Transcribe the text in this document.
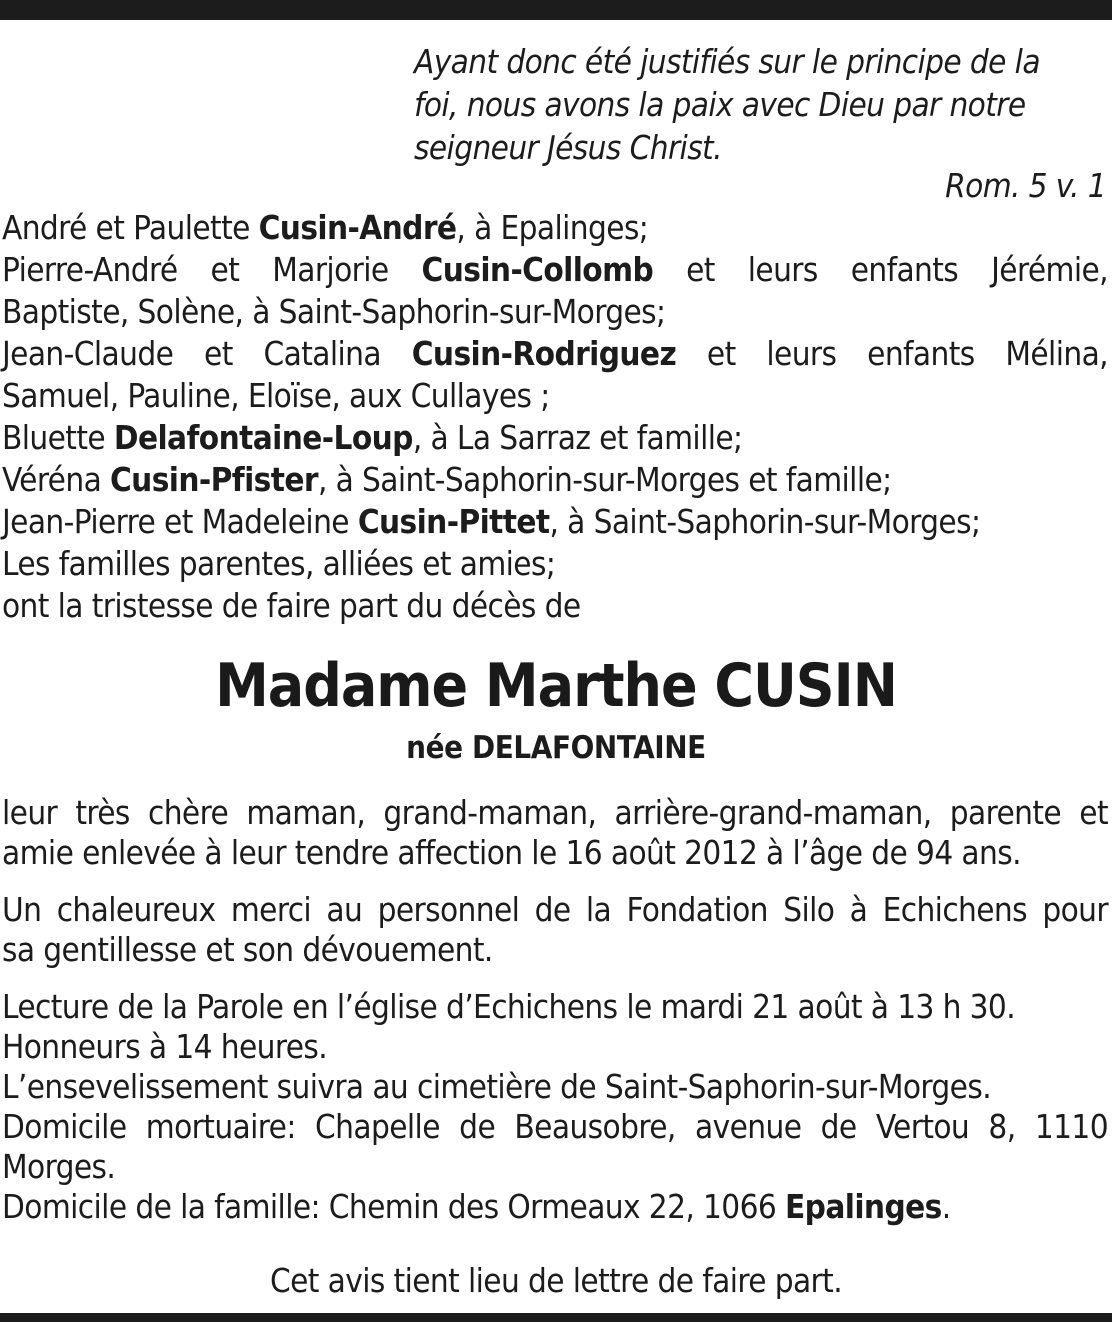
Ayant donc été justifiés sur le principe de la
foi, nous avons la paix avec Dieu par notre
seigneur Jésus Christ.
Rom. 5 v. 1
André et Paulette Cusin-André, à Epalinges;
Pierre-André et Marjorie Cusin-Collomb et leurs enfants Jérémie,
Baptiste, Solène, à Saint-Saphorin-sur-Morges;
Jean-Claude et Catalina Cusin-Rodriguez et leurs enfants Mélina,
Samuel, Pauline, Eloïse, aux Cullayes ;
Bluette Delafontaine-Loup, à La Sarraz et famille;
Véréna Cusin-Pfister, à Saint-Saphorin-sur-Morges et famille;
Jean-Pierre et Madeleine Cusin-Pittet, à Saint-Saphorin-sur-Morges;
Les familles parentes, alliées et amies;
ont la tristesse de faire part du décès de
Madame Marthe CUSIN
née DELAFONTAINE
leur très chère maman, grand-maman, arrière-grand-maman, parente et
amie enlevée à leur tendre affection le 16 août 2012 à l’âge de 94 ans.
Un chaleureux merci au personnel de la Fondation Silo à Echichens pour
sa gentillesse et son dévouement.
Lecture de la Parole en l’église d’Echichens le mardi 21 août à 13 h 30.
Honneurs à 14 heures.
L’ensevelissement suivra au cimetière de Saint-Saphorin-sur-Morges.
Domicile mortuaire: Chapelle de Beausobre, avenue de Vertou 8, 1110
Morges.
Domicile de la famille: Chemin des Ormeaux 22, 1066 Epalinges.
Cet avis tient lieu de lettre de faire part.
